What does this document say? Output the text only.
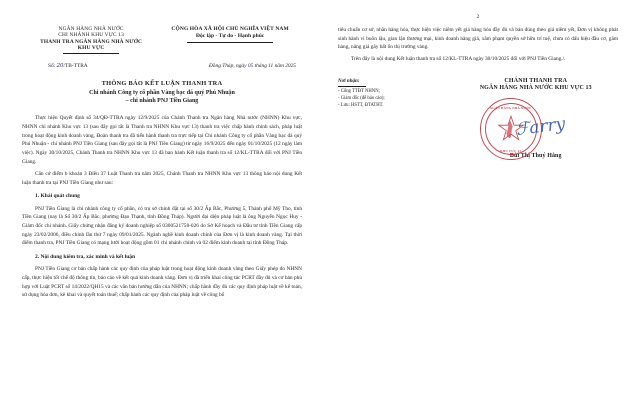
NGÂN HÀNG NHÀ NƯỚC
CHI NHÁNH KHU VỰC 13
THANH TRA NGÂN HÀNG NHÀ NƯỚC
KHU VỰC
CỘNG HÒA XÃ HỘI CHỦ NGHĨA VIỆT NAM
Độc lập - Tự do - Hạnh phúc
Số: 20/TB-TTRA	Đồng Tháp, ngày 05 tháng 11 năm 2025
THÔNG BÁO KẾT LUẬN THANH TRA
Chi nhánh Công ty cổ phần Vàng bạc đá quý Phú Nhuận
– chi nhánh PNJ Tiền Giang

Thực hiện Quyết định số 34/QĐ-TTRA ngày 12/9/2025 của Chánh Thanh tra Ngân hàng Nhà nước (NHNN) Khu vực, NHNN chi nhánh Khu vực 13 (sau đây gọi tắt là Thanh tra NHNN Khu vực 13) thanh tra việc chấp hành chính sách, pháp luật trong hoạt động kinh doanh vàng, Đoàn thanh tra đã tiến hành thanh tra trực tiếp tại Chi nhánh Công ty cổ phần Vàng bạc đá quý Phú Nhuận - chi nhánh PNJ Tiền Giang (sau đây gọi tắt là PNJ Tiền Giang) từ ngày 16/9/2025 đến ngày 01/10/2025 (12 ngày làm việc). Ngày 30/10/2025, Chánh Thanh tra NHNN Khu vực 13 đã ban hành Kết luận thanh tra số 12/KL-TTRA đối với PNJ Tiền Giang.

Căn cứ điểm b khoản 3 Điều 37 Luật Thanh tra năm 2025, Chánh Thanh tra NHNN Khu vực 13 thông báo nội dung Kết luận thanh tra tại PNJ Tiền Giang như sau:

1. Khái quát chung

PNJ Tiền Giang là chi nhánh công ty cổ phần, có trụ sở chính đặt tại số 30/2 Ấp Bắc, Phường 5, Thành phố Mỹ Tho, tỉnh Tiền Giang (nay là Số 30/2 Ấp Bắc, phường Đạo Thạnh, tỉnh Đồng Tháp). Người đại diện pháp luật là ông Nguyễn Ngọc Huy - Giám đốc chi nhánh. Giấy chứng nhận đăng ký doanh nghiệp số 0300521758-026 do Sở Kế hoạch và Đầu tư tỉnh Tiền Giang cấp ngày 23/02/2006, điều chỉnh lần thứ 7 ngày 09/01/2025. Ngành nghề kinh doanh chính của Đơn vị là kinh doanh vàng. Tại thời điểm thanh tra, PNJ Tiền Giang có mạng lưới hoạt động gồm 01 chi nhánh chính và 02 điểm kinh doanh tại tỉnh Đồng Tháp.

2. Nội dung kiểm tra, xác minh và kết luận

PNJ Tiền Giang cơ bản chấp hành các quy định của pháp luật trong hoạt động kinh doanh vàng theo Giấy phép do NHNN cấp, thực hiện tốt chế độ thông tin, báo cáo về kết quả kinh doanh vàng. Đơn vị đã triển khai công tác PCRT đầy đủ và cơ bản phù hợp với Luật PCRT số 14/2022/QH15 và các văn bản hướng dẫn của NHNN; chấp hành đầy đủ các quy định pháp luật về kế toán, sử dụng hóa đơn, kê khai và quyết toán thuế; chấp hành các quy định của pháp luật về công bố

2

tiêu chuẩn cơ sở, nhãn hàng hóa, thực hiện việc niêm yết giá hàng hóa đầy đủ và bán đúng theo giá niêm yết, Đơn vị không phát sinh hành vi buôn lậu, gian lận thương mại, kinh doanh hàng giả, xâm phạm quyền sở hữu trí tuệ, chưa có dấu hiệu đầu cơ, găm hàng, nâng giá gây bất ổn thị trường vàng.

Trên đây là nội dung Kết luận thanh tra số 12/KL-TTRA ngày 30/10/2025 đối với PNJ Tiền Giang./.

Nơi nhận:
- Cổng TTĐT NHNN;
- Giám đốc (để báo cáo);
- Lưu: HSTT, ĐTATHT.
CHÁNH THANH TRA
NGÂN HÀNG NHÀ NƯỚC KHU VỰC 13
NGÂN HÀNG NHÀ NƯỚC
KHU VỰC 13
ℱ𝑎𝑟𝑟𝑦
Bùi Thị Thuý Hằng
